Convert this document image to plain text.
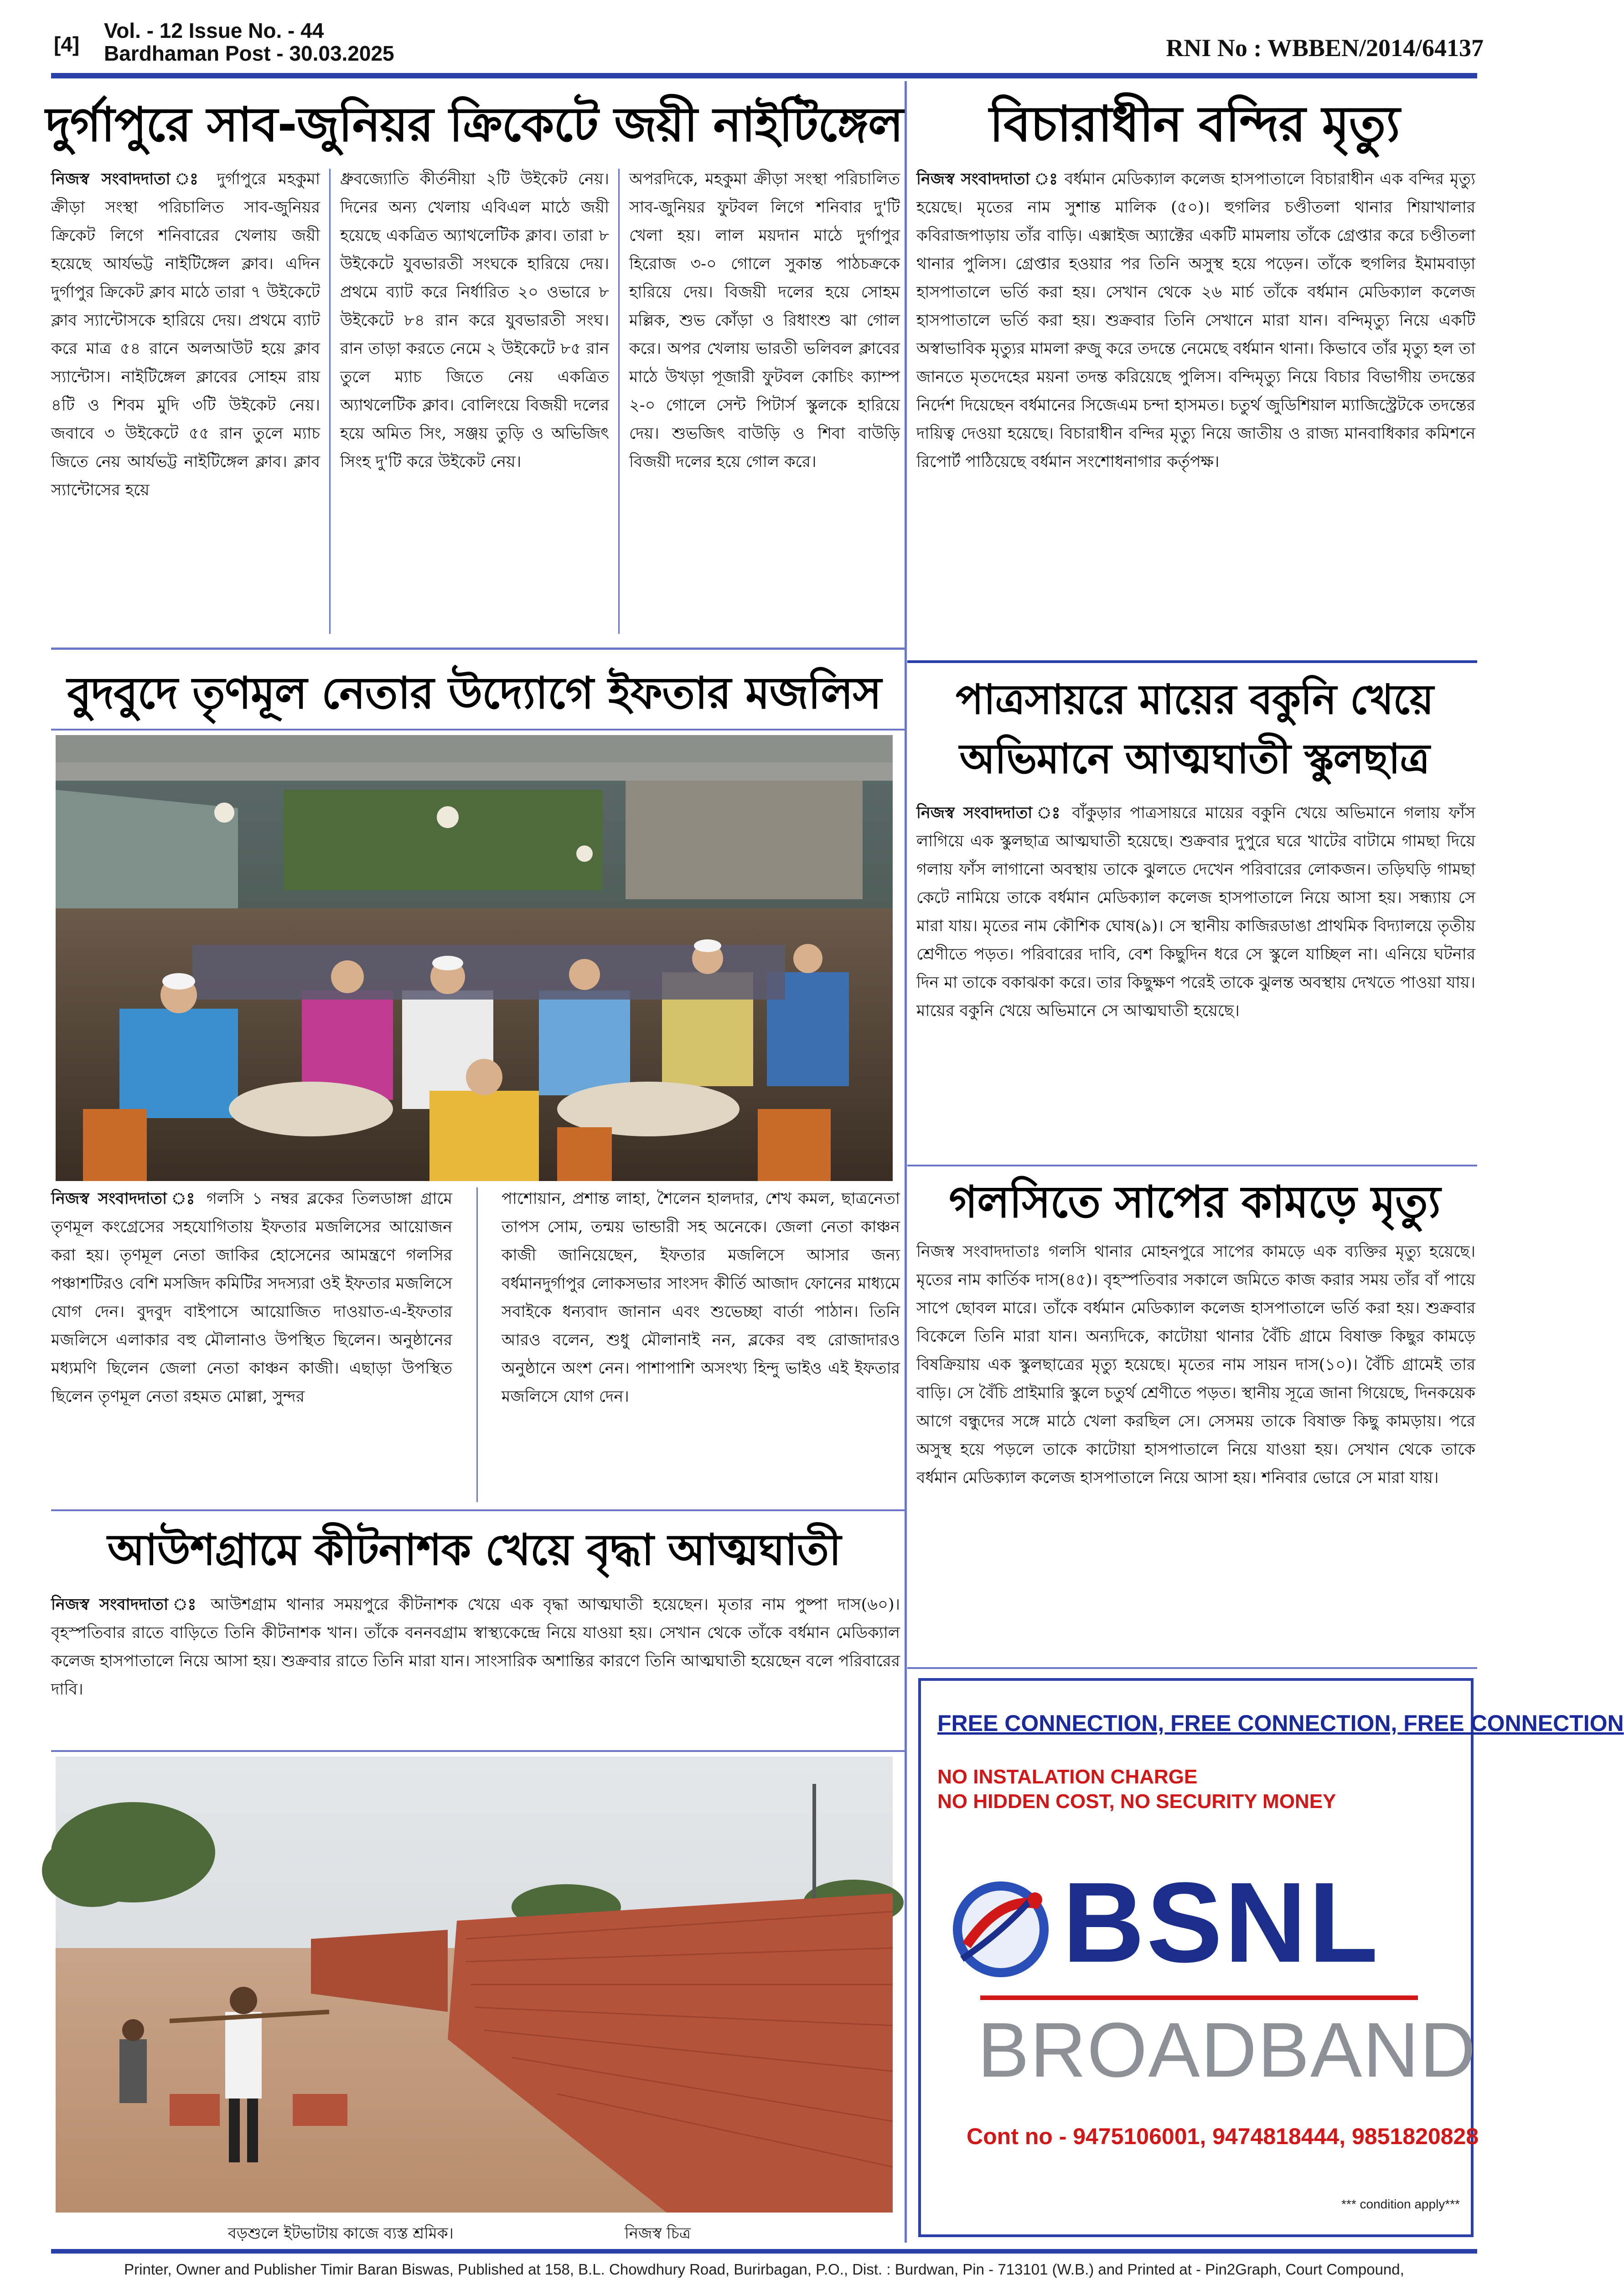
[4]
Vol. - 12 Issue No. - 44
Bardhaman Post - 30.03.2025	RNI No : WBBEN/2014/64137
দুর্গাপুরে সাব-জুনিয়র ক্রিকেটে জয়ী নাইটিঙ্গেল
নিজস্ব সংবাদদাতা ঃ দুর্গাপুরে মহকুমা ক্রীড়া সংস্থা পরিচালিত সাব-জুনিয়র ক্রিকেট লিগে শনিবারের খেলায় জয়ী হয়েছে আর্যভট্ট নাইটিঙ্গেল ক্লাব। এদিন দুর্গাপুর ক্রিকেট ক্লাব মাঠে তারা ৭ উইকেটে ক্লাব স্যান্টোসকে হারিয়ে দেয়। প্রথমে ব্যাট করে মাত্র ৫৪ রানে অলআউট হয়ে ক্লাব স্যান্টোস। নাইটিঙ্গেল ক্লাবের সোহম রায় ৪টি ও শিবম মুদি ৩টি উইকেট নেয়। জবাবে ৩ উইকেটে ৫৫ রান তুলে ম্যাচ জিতে নেয় আর্যভট্ট নাইটিঙ্গেল ক্লাব। ক্লাব স্যান্টোসের হয়ে
ধ্রুবজ্যোতি কীর্তনীয়া ২টি উইকেট নেয়। দিনের অন্য খেলায় এবিএল মাঠে জয়ী হয়েছে একত্রিত অ্যাথলেটিক ক্লাব। তারা ৮ উইকেটে যুবভারতী সংঘকে হারিয়ে দেয়। প্রথমে ব্যাট করে নির্ধারিত ২০ ওভারে ৮ উইকেটে ৮৪ রান করে যুবভারতী সংঘ। রান তাড়া করতে নেমে ২ উইকেটে ৮৫ রান তুলে ম্যাচ জিতে নেয় একত্রিত অ্যাথলেটিক ক্লাব। বোলিংয়ে বিজয়ী দলের হয়ে অমিত সিং, সঞ্জয় তুড়ি ও অভিজিৎ সিংহ দু'টি করে উইকেট নেয়।
অপরদিকে, মহকুমা ক্রীড়া সংস্থা পরিচালিত সাব-জুনিয়র ফুটবল লিগে শনিবার দু'টি খেলা হয়। লাল ময়দান মাঠে দুর্গাপুর হিরোজ ৩-০ গোলে সুকান্ত পাঠচক্রকে হারিয়ে দেয়। বিজয়ী দলের হয়ে সোহম মল্লিক, শুভ কোঁড়া ও রিধাংশু ঝা গোল করে। অপর খেলায় ভারতী ভলিবল ক্লাবের মাঠে উখড়া পূজারী ফুটবল কোচিং ক্যাম্প ২-০ গোলে সেন্ট পিটার্স স্কুলকে হারিয়ে দেয়। শুভজিৎ বাউড়ি ও শিবা বাউড়ি বিজয়ী দলের হয়ে গোল করে।
বিচারাধীন বন্দির মৃত্যু
নিজস্ব সংবাদদাতা ঃ বর্ধমান মেডিক্যাল কলেজ হাসপাতালে বিচারাধীন এক বন্দির মৃত্যু হয়েছে। মৃতের নাম সুশান্ত মালিক (৫০)। হুগলির চণ্ডীতলা থানার শিয়াখালার কবিরাজপাড়ায় তাঁর বাড়ি। এক্সাইজ অ্যাক্টের একটি মামলায় তাঁকে গ্রেপ্তার করে চণ্ডীতলা থানার পুলিস। গ্রেপ্তার হওয়ার পর তিনি অসুস্থ হয়ে পড়েন। তাঁকে হুগলির ইমামবাড়া হাসপাতালে ভর্তি করা হয়। সেখান থেকে ২৬ মার্চ তাঁকে বর্ধমান মেডিক্যাল কলেজ হাসপাতালে ভর্তি করা হয়। শুক্রবার তিনি সেখানে মারা যান। বন্দিমৃত্যু নিয়ে একটি অস্বাভাবিক মৃত্যুর মামলা রুজু করে তদন্তে নেমেছে বর্ধমান থানা। কিভাবে তাঁর মৃত্যু হল তা জানতে মৃতদেহের ময়না তদন্ত করিয়েছে পুলিস। বন্দিমৃত্যু নিয়ে বিচার বিভাগীয় তদন্তের নির্দেশ দিয়েছেন বর্ধমানের সিজেএম চন্দা হাসমত। চতুর্থ জুডিশিয়াল ম্যাজিস্ট্রেটকে তদন্তের দায়িত্ব দেওয়া হয়েছে। বিচারাধীন বন্দির মৃত্যু নিয়ে জাতীয় ও রাজ্য মানবাধিকার কমিশনে রিপোর্ট পাঠিয়েছে বর্ধমান সংশোধনাগার কর্তৃপক্ষ।
বুদবুদে তৃণমূল নেতার উদ্যোগে ইফতার মজলিস
নিজস্ব সংবাদদাতা ঃ গলসি ১ নম্বর ব্লকের তিলডাঙ্গা গ্রামে তৃণমূল কংগ্রেসের সহযোগিতায় ইফতার মজলিসের আয়োজন করা হয়। তৃণমূল নেতা জাকির হোসেনের আমন্ত্রণে গলসির পঞ্চাশটিরও বেশি মসজিদ কমিটির সদস্যরা ওই ইফতার মজলিসে যোগ দেন। বুদবুদ বাইপাসে আয়োজিত দাওয়াত-এ-ইফতার মজলিসে এলাকার বহু মৌলানাও উপস্থিত ছিলেন। অনুষ্ঠানের মধ্যমণি ছিলেন জেলা নেতা কাঞ্চন কাজী। এছাড়া উপস্থিত ছিলেন তৃণমূল নেতা রহমত মোল্লা, সুন্দর
পাশোয়ান, প্রশান্ত লাহা, শৈলেন হালদার, শেখ কমল, ছাত্রনেতা তাপস সোম, তন্ময় ভান্ডারী সহ অনেকে। জেলা নেতা কাঞ্চন কাজী জানিয়েছেন, ইফতার মজলিসে আসার জন্য বর্ধমানদুর্গাপুর লোকসভার সাংসদ কীর্তি আজাদ ফোনের মাধ্যমে সবাইকে ধন্যবাদ জানান এবং শুভেচ্ছা বার্তা পাঠান। তিনি আরও বলেন, শুধু মৌলানাই নন, ব্লকের বহু রোজাদারও অনুষ্ঠানে অংশ নেন। পাশাপাশি অসংখ্য হিন্দু ভাইও এই ইফতার মজলিসে যোগ দেন।
আউশগ্রামে কীটনাশক খেয়ে বৃদ্ধা আত্মঘাতী
নিজস্ব সংবাদদাতা ঃ আউশগ্রাম থানার সময়পুরে কীটনাশক খেয়ে এক বৃদ্ধা আত্মঘাতী হয়েছেন। মৃতার নাম পুষ্পা দাস(৬০)। বৃহস্পতিবার রাতে বাড়িতে তিনি কীটনাশক খান। তাঁকে বননবগ্রাম স্বাস্থ্যকেন্দ্রে নিয়ে যাওয়া হয়। সেখান থেকে তাঁকে বর্ধমান মেডিক্যাল কলেজ হাসপাতালে নিয়ে আসা হয়। শুক্রবার রাতে তিনি মারা যান। সাংসারিক অশান্তির কারণে তিনি আত্মঘাতী হয়েছেন বলে পরিবারের দাবি।
বড়শুলে ইটভাটায় কাজে ব্যস্ত শ্রমিক।	নিজস্ব চিত্র
পাত্রসায়রে মায়ের বকুনি খেয়ে
অভিমানে আত্মঘাতী স্কুলছাত্র
নিজস্ব সংবাদদাতা ঃ বাঁকুড়ার পাত্রসায়রে মায়ের বকুনি খেয়ে অভিমানে গলায় ফাঁস লাগিয়ে এক স্কুলছাত্র আত্মঘাতী হয়েছে। শুক্রবার দুপুরে ঘরে খাটের বাটামে গামছা দিয়ে গলায় ফাঁস লাগানো অবস্থায় তাকে ঝুলতে দেখেন পরিবারের লোকজন। তড়িঘড়ি গামছা কেটে নামিয়ে তাকে বর্ধমান মেডিক্যাল কলেজ হাসপাতালে নিয়ে আসা হয়। সন্ধ্যায় সে মারা যায়। মৃতের নাম কৌশিক ঘোষ(৯)। সে স্থানীয় কাজিরডাঙা প্রাথমিক বিদ্যালয়ে তৃতীয় শ্রেণীতে পড়ত। পরিবারের দাবি, বেশ কিছুদিন ধরে সে স্কুলে যাচ্ছিল না। এনিয়ে ঘটনার দিন মা তাকে বকাঝকা করে। তার কিছুক্ষণ পরেই তাকে ঝুলন্ত অবস্থায় দেখতে পাওয়া যায়। মায়ের বকুনি খেয়ে অভিমানে সে আত্মঘাতী হয়েছে।
গলসিতে সাপের কামড়ে মৃত্যু
নিজস্ব সংবাদদাতাঃ গলসি থানার মোহনপুরে সাপের কামড়ে এক ব্যক্তির মৃত্যু হয়েছে। মৃতের নাম কার্তিক দাস(৪৫)। বৃহস্পতিবার সকালে জমিতে কাজ করার সময় তাঁর বাঁ পায়ে সাপে ছোবল মারে। তাঁকে বর্ধমান মেডিক্যাল কলেজ হাসপাতালে ভর্তি করা হয়। শুক্রবার বিকেলে তিনি মারা যান। অন্যদিকে, কাটোয়া থানার বৈঁচি গ্রামে বিষাক্ত কিছুর কামড়ে বিষক্রিয়ায় এক স্কুলছাত্রের মৃত্যু হয়েছে। মৃতের নাম সায়ন দাস(১০)। বৈঁচি গ্রামেই তার বাড়ি। সে বৈঁচি প্রাইমারি স্কুলে চতুর্থ শ্রেণীতে পড়ত। স্থানীয় সূত্রে জানা গিয়েছে, দিনকয়েক আগে বন্ধুদের সঙ্গে মাঠে খেলা করছিল সে। সেসময় তাকে বিষাক্ত কিছু কামড়ায়। পরে অসুস্থ হয়ে পড়লে তাকে কাটোয়া হাসপাতালে নিয়ে যাওয়া হয়। সেখান থেকে তাকে বর্ধমান মেডিক্যাল কলেজ হাসপাতালে নিয়ে আসা হয়। শনিবার ভোরে সে মারা যায়।
FREE CONNECTION, FREE CONNECTION, FREE CONNECTION
NO INSTALATION CHARGE
NO HIDDEN COST, NO SECURITY MONEY
BSNL
BROADBAND
Cont no - 9475106001, 9474818444, 9851820828
*** condition apply***
Printer, Owner and Publisher Timir Baran Biswas, Published at 158, B.L. Chowdhury Road, Burirbagan, P.O., Dist. : Burdwan, Pin - 713101 (W.B.) and Printed at - Pin2Graph, Court Compound,
